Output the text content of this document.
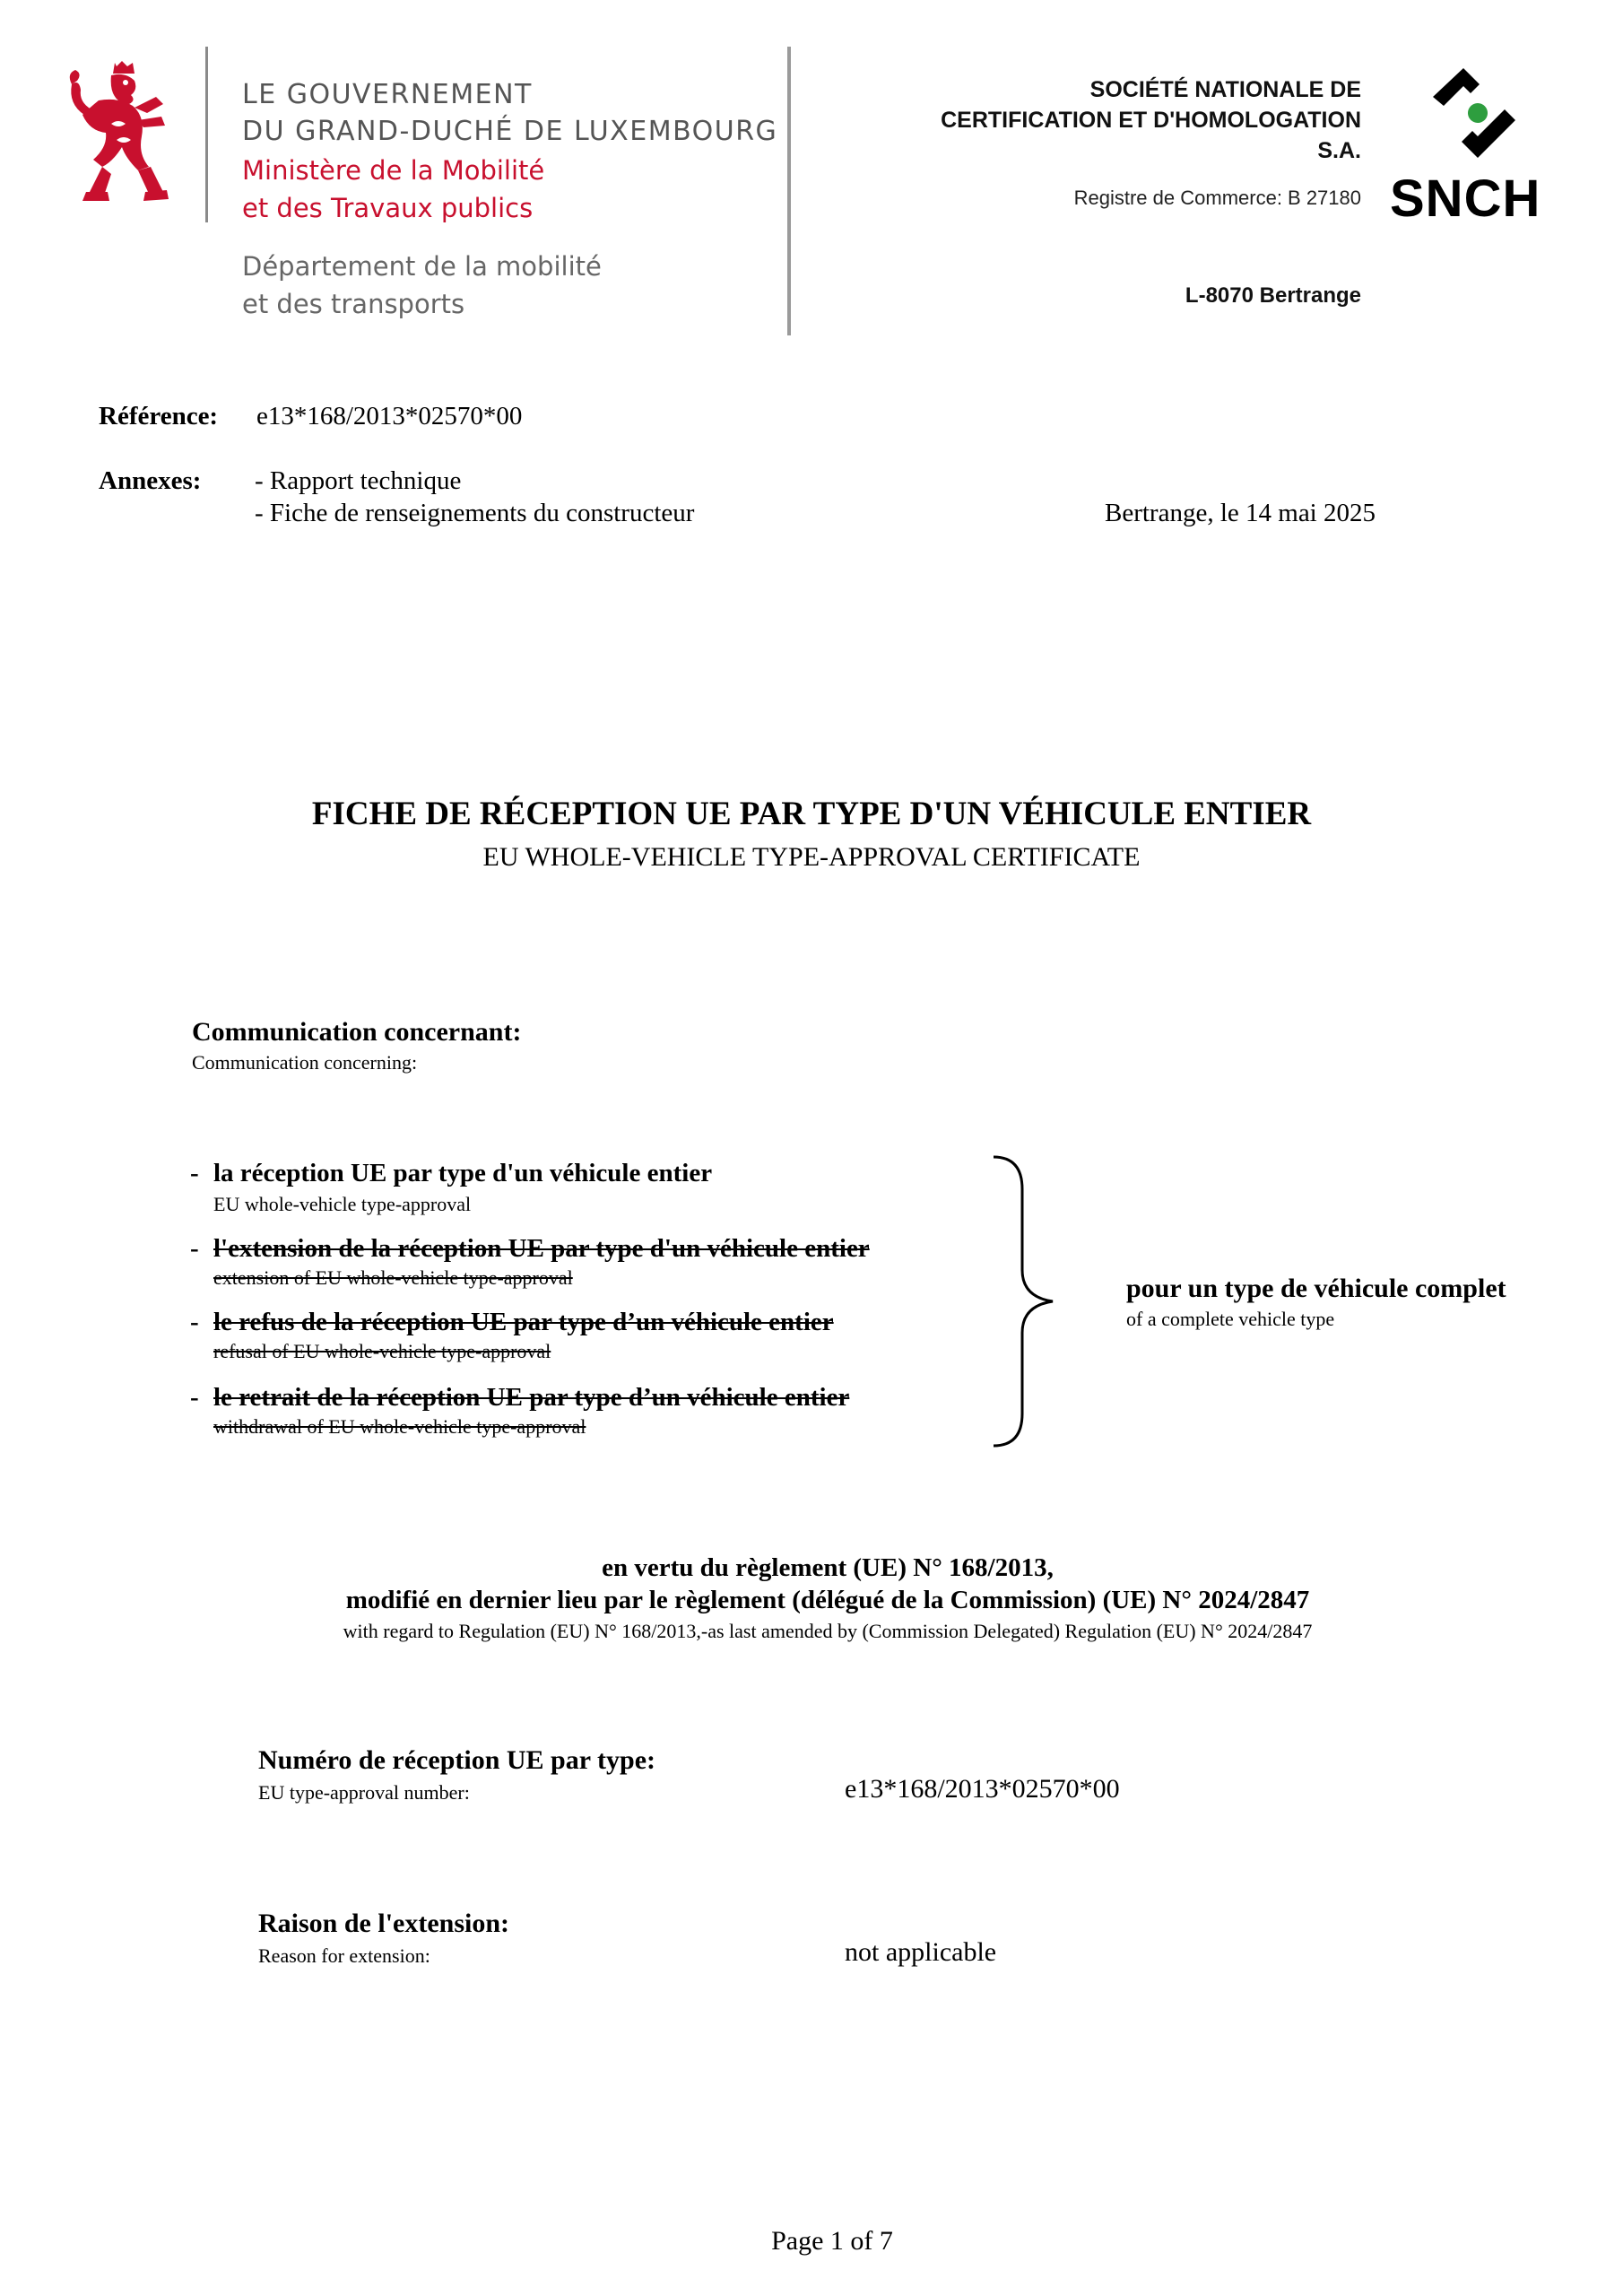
LE GOUVERNEMENT
DU GRAND-DUCHÉ DE LUXEMBOURG
Ministère de la Mobilité
et des Travaux publics
Département de la mobilité
et des transports
SOCIÉTÉ NATIONALE DE
CERTIFICATION ET D'HOMOLOGATION
S.A.
Registre de Commerce: B 27180
L-8070 Bertrange
SNCH
Référence: e13*168/2013*02570*00
Annexes: - Rapport technique
- Fiche de renseignements du constructeur	Bertrange, le 14 mai 2025
FICHE DE RÉCEPTION UE PAR TYPE D'UN VÉHICULE ENTIER
EU WHOLE-VEHICLE TYPE-APPROVAL CERTIFICATE
Communication concernant:
Communication concerning:
- la réception UE par type d'un véhicule entier
EU whole-vehicle type-approval
- l'extension de la réception UE par type d'un véhicule entier
extension of EU whole-vehicle type-approval
- le refus de la réception UE par type d’un véhicule entier
refusal of EU whole-vehicle type-approval
- le retrait de la réception UE par type d’un véhicule entier
withdrawal of EU whole-vehicle type-approval
pour un type de véhicule complet
of a complete vehicle type
en vertu du règlement (UE) N° 168/2013,
modifié en dernier lieu par le règlement (délégué de la Commission) (UE) N° 2024/2847
with regard to Regulation (EU) N° 168/2013,-as last amended by (Commission Delegated) Regulation (EU) N° 2024/2847
Numéro de réception UE par type:
EU type-approval number:	e13*168/2013*02570*00
Raison de l'extension:
Reason for extension:	not applicable
Page 1 of 7
